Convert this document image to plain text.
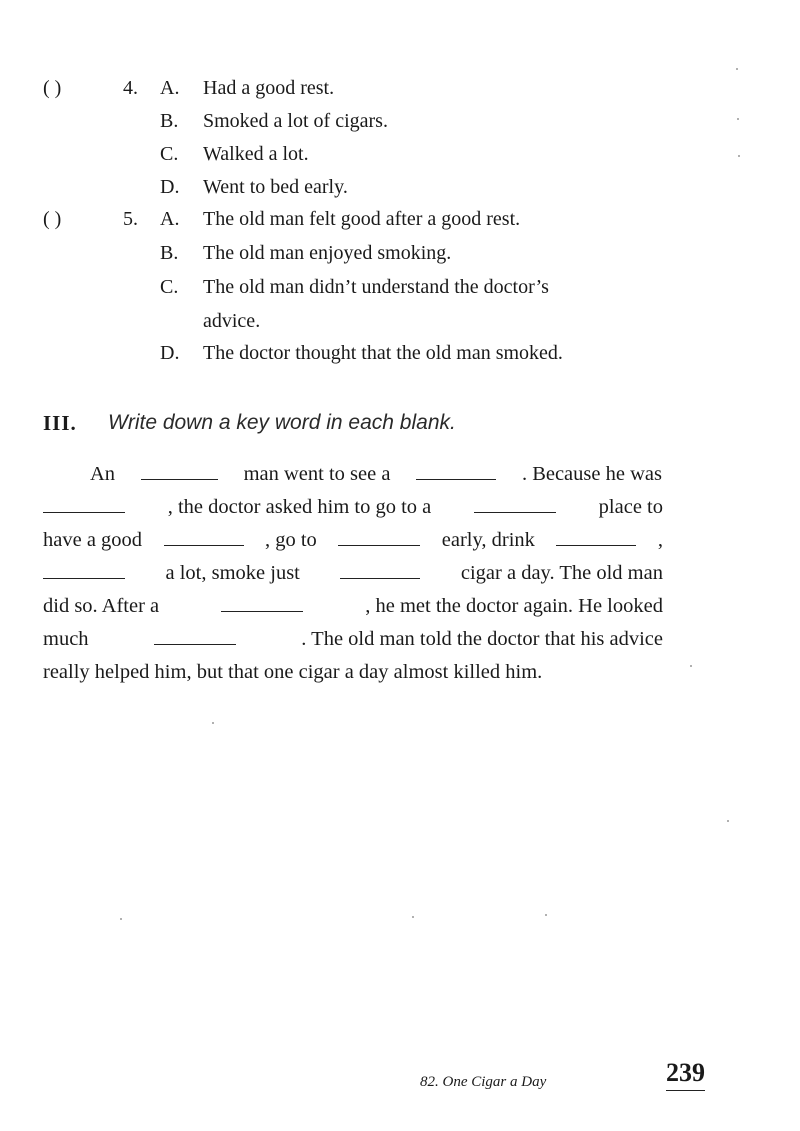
( )	4. A. Had a good rest.
B. Smoked a lot of cigars.
C. Walked a lot.
D. Went to bed early.
( )	5. A. The old man felt good after a good rest.
B. The old man enjoyed smoking.
C. The old man didn’t understand the doctor’s
advice.
D. The doctor thought that the old man smoked.
III. Write down a key word in each blank.
An	man went to see a	. Because he was
, the doctor asked him to go to a	place to
have a good	, go to	early, drink	,
a lot, smoke just	cigar a day. The old man
did so. After a	, he met the doctor again. He looked
much	. The old man told the doctor that his advice
really helped him, but that one cigar a day almost killed him.
82. One Cigar a Day	239
